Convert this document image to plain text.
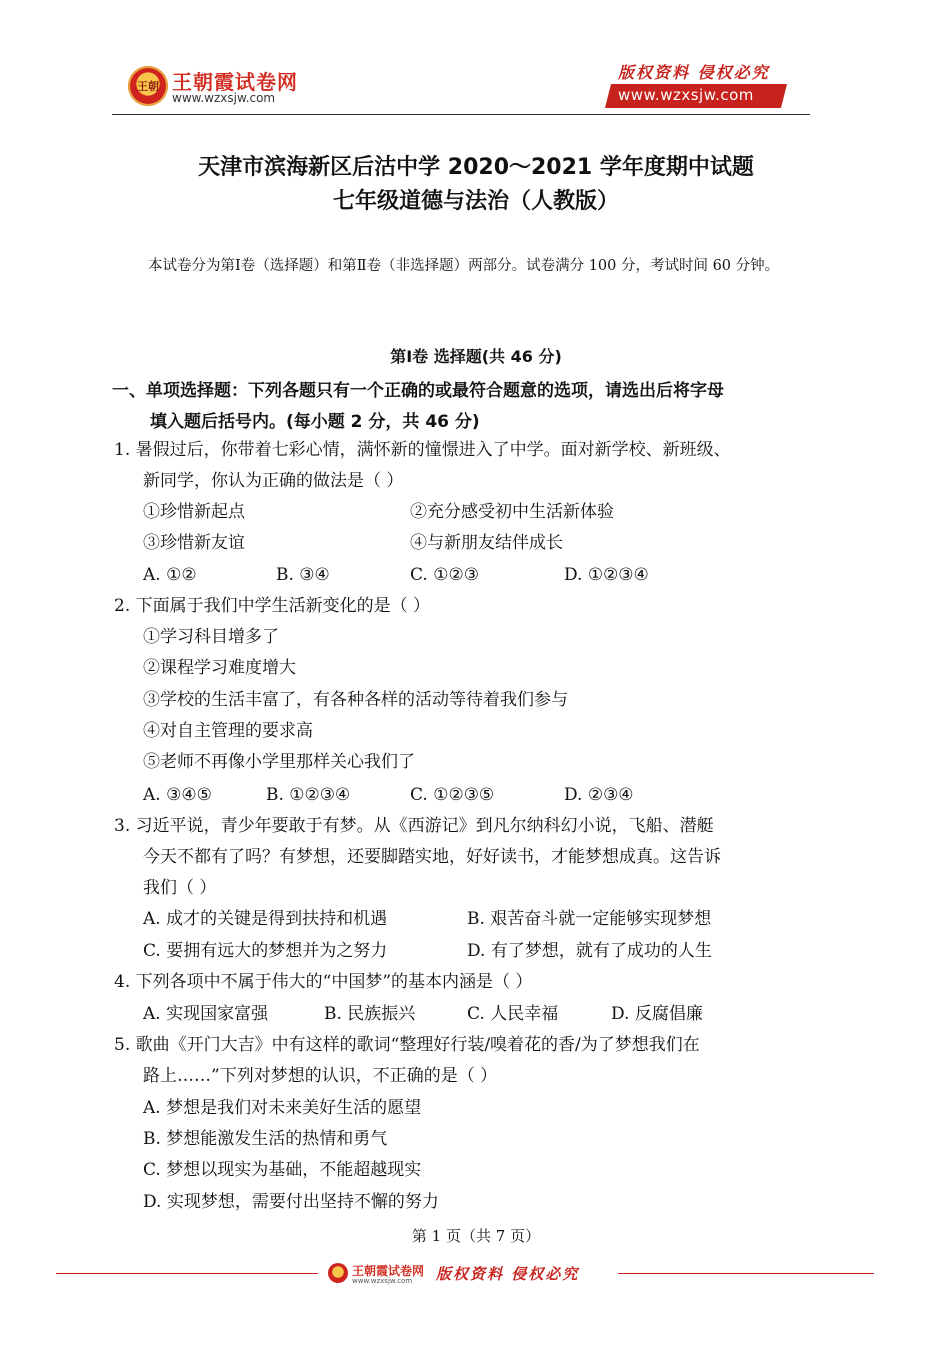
王朝 王朝霞试卷网
www.wzxsjw.com
版权资料 侵权必究
www.wzxsjw.com
天津市滨海新区后沽中学 2020～2021 学年度期中试题
七年级道德与法治（人教版）
本试卷分为第Ⅰ卷（选择题）和第Ⅱ卷（非选择题）两部分。试卷满分 100 分，考试时间 60 分钟。
第Ⅰ卷 选择题(共 46 分)
一、单项选择题：下列各题只有一个正确的或最符合题意的选项，请选出后将字母
填入题后括号内。(每小题 2 分，共 46 分)
1. 暑假过后，你带着七彩心情，满怀新的憧憬进入了中学。面对新学校、新班级、
新同学，你认为正确的做法是（ ）
①珍惜新起点	②充分感受初中生活新体验
③珍惜新友谊	④与新朋友结伴成长
A. ①②	B. ③④	C. ①②③	D. ①②③④
2. 下面属于我们中学生活新变化的是（ ）
①学习科目增多了
②课程学习难度增大
③学校的生活丰富了，有各种各样的活动等待着我们参与
④对自主管理的要求高
⑤老师不再像小学里那样关心我们了
A. ③④⑤	B. ①②③④	C. ①②③⑤	D. ②③④
3. 习近平说，青少年要敢于有梦。从《西游记》到凡尔纳科幻小说，飞船、潜艇
今天不都有了吗？有梦想，还要脚踏实地，好好读书，才能梦想成真。这告诉
我们（ ）
A. 成才的关键是得到扶持和机遇	B. 艰苦奋斗就一定能够实现梦想
C. 要拥有远大的梦想并为之努力	D. 有了梦想，就有了成功的人生
4. 下列各项中不属于伟大的“中国梦”的基本内涵是（ ）
A. 实现国家富强	B. 民族振兴	C. 人民幸福	D. 反腐倡廉
5. 歌曲《开门大吉》中有这样的歌词“整理好行装/嗅着花的香/为了梦想我们在
路上……”下列对梦想的认识，不正确的是（ ）
A. 梦想是我们对未来美好生活的愿望
B. 梦想能激发生活的热情和勇气
C. 梦想以现实为基础，不能超越现实
D. 实现梦想，需要付出坚持不懈的努力
第 1 页（共 7 页）
王朝霞试卷网
www.wzxsjw.com 版权资料 侵权必究
